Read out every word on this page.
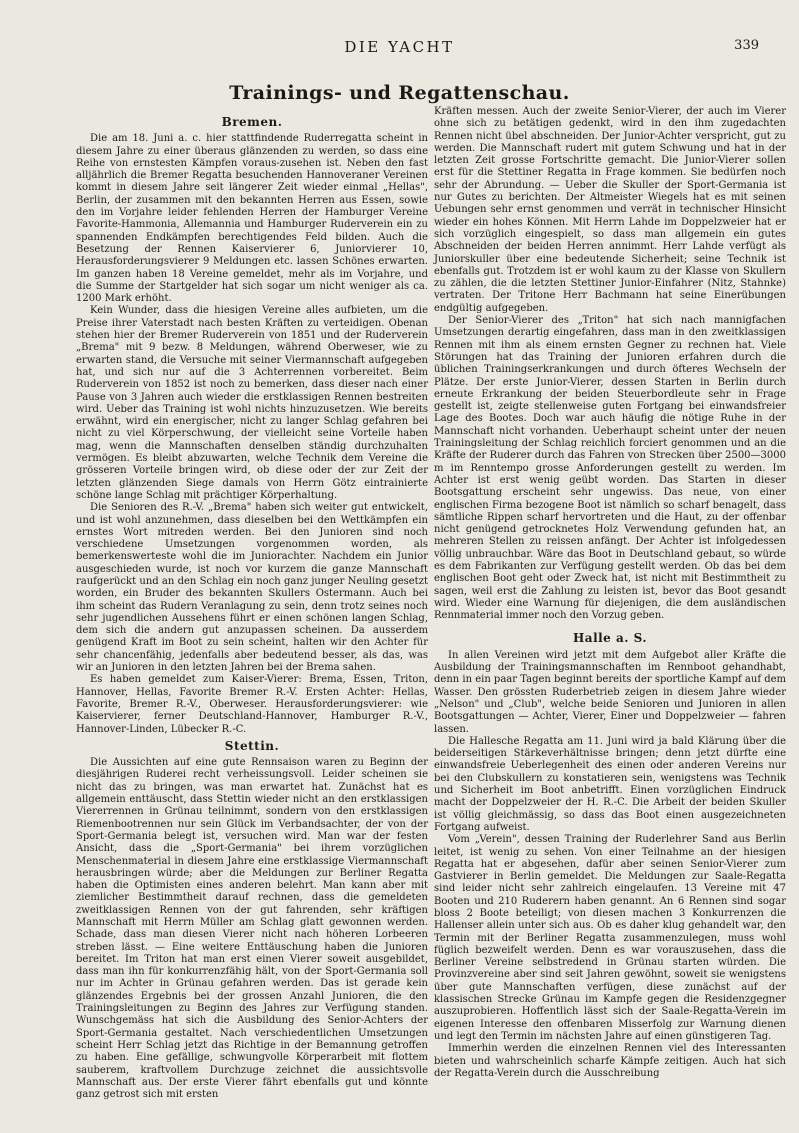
DIE YACHT	339
Trainings- und Regattenschau.
Bremen.

Die am 18. Juni a. c. hier stattfindende Ruderregatta scheint in diesem Jahre zu einer überaus glänzenden zu werden, so dass eine Reihe von ernstesten Kämpfen voraus-zusehen ist. Neben den fast alljährlich die Bremer Regatta besuchenden Hannoveraner Vereinen kommt in diesem Jahre seit längerer Zeit wieder einmal „Hellas", Berlin, der zusammen mit den bekannten Herren aus Essen, sowie den im Vorjahre leider fehlenden Herren der Hamburger Vereine Favorite-Hammonia, Allemannia und Hamburger Ruderverein ein zu spannenden Endkämpfen berechtigendes Feld bilden. Auch die Besetzung der Rennen Kaiservierer 6, Juniorvierer 10, Herausforderungsvierer 9 Meldungen etc. lassen Schönes erwarten. Im ganzen haben 18 Vereine gemeldet, mehr als im Vorjahre, und die Summe der Startgelder hat sich sogar um nicht weniger als ca. 1200 Mark erhöht.

Kein Wunder, dass die hiesigen Vereine alles aufbieten, um die Preise ihrer Vaterstadt nach besten Kräften zu verteidigen. Obenan stehen hier der Bremer Ruderverein von 1851 und der Ruderverein „Brema" mit 9 bezw. 8 Meldungen, während Oberweser, wie zu erwarten stand, die Versuche mit seiner Viermannschaft aufgegeben hat, und sich nur auf die 3 Achterrennen vorbereitet. Beim Ruderverein von 1852 ist noch zu bemerken, dass dieser nach einer Pause von 3 Jahren auch wieder die erstklassigen Rennen bestreiten wird. Ueber das Training ist wohl nichts hinzuzusetzen. Wie bereits erwähnt, wird ein energischer, nicht zu langer Schlag gefahren bei nicht zu viel Körperschwung, der vielleicht seine Vorteile haben mag, wenn die Mannschaften denselben ständig durchzuhalten vermögen. Es bleibt abzuwarten, welche Technik dem Vereine die grösseren Vorteile bringen wird, ob diese oder der zur Zeit der letzten glänzenden Siege damals von Herrn Götz eintrainierte schöne lange Schlag mit prächtiger Körperhaltung.

Die Senioren des R.-V. „Brema" haben sich weiter gut entwickelt, und ist wohl anzunehmen, dass dieselben bei den Wettkämpfen ein ernstes Wort mitreden werden. Bei den Junioren sind noch verschiedene Umsetzungen vorgenommen worden, als bemerkenswerteste wohl die im Juniorachter. Nachdem ein Junior ausgeschieden wurde, ist noch vor kurzem die ganze Mannschaft raufgerückt und an den Schlag ein noch ganz junger Neuling gesetzt worden, ein Bruder des bekannten Skullers Ostermann. Auch bei ihm scheint das Rudern Veranlagung zu sein, denn trotz seines noch sehr jugendlichen Aussehens führt er einen schönen langen Schlag, dem sich die andern gut anzupassen scheinen. Da ausserdem genügend Kraft im Boot zu sein scheint, halten wir den Achter für sehr chancenfähig, jedenfalls aber bedeutend besser, als das, was wir an Junioren in den letzten Jahren bei der Brema sahen.

Es haben gemeldet zum Kaiser-Vierer: Brema, Essen, Triton, Hannover, Hellas, Favorite Bremer R.-V. Ersten Achter: Hellas, Favorite, Bremer R.-V., Oberweser. Herausforderungsvierer: wie Kaiservierer, ferner Deutschland-Hannover, Hamburger R.-V., Hannover-Linden, Lübecker R.-C.

Stettin.

Die Aussichten auf eine gute Rennsaison waren zu Beginn der diesjährigen Ruderei recht verheissungsvoll. Leider scheinen sie nicht das zu bringen, was man erwartet hat. Zunächst hat es allgemein enttäuscht, dass Stettin wieder nicht an den erstklassigen Viererrennen in Grünau teilnimmt, sondern von den erstklassigen Riemenbootrennen nur sein Glück im Verbandsachter, der von der Sport-Germania belegt ist, versuchen wird. Man war der festen Ansicht, dass die „Sport-Germania" bei ihrem vorzüglichen Menschenmaterial in diesem Jahre eine erstklassige Viermannschaft herausbringen würde; aber die Meldungen zur Berliner Regatta haben die Optimisten eines anderen belehrt. Man kann aber mit ziemlicher Bestimmtheit darauf rechnen, dass die gemeldeten zweitklassigen Rennen von der gut fahrenden, sehr kräftigen Mannschaft mit Herrn Müller am Schlag glatt gewonnen werden. Schade, dass man diesen Vierer nicht nach höheren Lorbeeren streben lässt. — Eine weitere Enttäuschung haben die Junioren bereitet. Im Triton hat man erst einen Vierer soweit ausgebildet, dass man ihn für konkurrenzfähig hält, von der Sport-Germania soll nur im Achter in Grünau gefahren werden. Das ist gerade kein glänzendes Ergebnis bei der grossen Anzahl Junioren, die den Trainingsleitungen zu Beginn des Jahres zur Verfügung standen. Wunschgemäss hat sich die Ausbildung des Senior-Achters der Sport-Germania gestaltet. Nach verschiedentlichen Umsetzungen scheint Herr Schlag jetzt das Richtige in der Bemannung getroffen zu haben. Eine gefällige, schwungvolle Körperarbeit mit flottem sauberem, kraftvollem Durchzuge zeichnet die aussichtsvolle Mannschaft aus. Der erste Vierer fährt ebenfalls gut und könnte ganz getrost sich mit ersten

Kräften messen. Auch der zweite Senior-Vierer, der auch im Vierer ohne sich zu betätigen gedenkt, wird in den ihm zugedachten Rennen nicht übel abschneiden. Der Junior-Achter verspricht, gut zu werden. Die Mannschaft rudert mit gutem Schwung und hat in der letzten Zeit grosse Fortschritte gemacht. Die Junior-Vierer sollen erst für die Stettiner Regatta in Frage kommen. Sie bedürfen noch sehr der Abrundung. — Ueber die Skuller der Sport-Germania ist nur Gutes zu berichten. Der Altmeister Wiegels hat es mit seinen Uebungen sehr ernst genommen und verrät in technischer Hinsicht wieder ein hohes Können. Mit Herrn Lahde im Doppelzweier hat er sich vorzüglich eingespielt, so dass man allgemein ein gutes Abschneiden der beiden Herren annimmt. Herr Lahde verfügt als Juniorskuller über eine bedeutende Sicherheit; seine Technik ist ebenfalls gut. Trotzdem ist er wohl kaum zu der Klasse von Skullern zu zählen, die die letzten Stettiner Junior-Einfahrer (Nitz, Stahnke) vertraten. Der Tritone Herr Bachmann hat seine Einerübungen endgültig aufgegeben.

Der Senior-Vierer des „Triton" hat sich nach mannigfachen Umsetzungen derartig eingefahren, dass man in den zweitklassigen Rennen mit ihm als einem ernsten Gegner zu rechnen hat. Viele Störungen hat das Training der Junioren erfahren durch die üblichen Trainingserkrankungen und durch öfteres Wechseln der Plätze. Der erste Junior-Vierer, dessen Starten in Berlin durch erneute Erkrankung der beiden Steuerbordleute sehr in Frage gestellt ist, zeigte stellenweise guten Fortgang bei einwandsfreier Lage des Bootes. Doch war auch häufig die nötige Ruhe in der Mannschaft nicht vorhanden. Ueberhaupt scheint unter der neuen Trainingsleitung der Schlag reichlich forciert genommen und an die Kräfte der Ruderer durch das Fahren von Strecken über 2500—3000 m im Renntempo grosse Anforderungen gestellt zu werden. Im Achter ist erst wenig geübt worden. Das Starten in dieser Bootsgattung erscheint sehr ungewiss. Das neue, von einer englischen Firma bezogene Boot ist nämlich so scharf benagelt, dass sämtliche Rippen scharf hervortreten und die Haut, zu der offenbar nicht genügend getrocknetes Holz Verwendung gefunden hat, an mehreren Stellen zu reissen anfängt. Der Achter ist infolgedessen völlig unbrauchbar. Wäre das Boot in Deutschland gebaut, so würde es dem Fabrikanten zur Verfügung gestellt werden. Ob das bei dem englischen Boot geht oder Zweck hat, ist nicht mit Bestimmtheit zu sagen, weil erst die Zahlung zu leisten ist, bevor das Boot gesandt wird. Wieder eine Warnung für diejenigen, die dem ausländischen Rennmaterial immer noch den Vorzug geben.

Halle a. S.

In allen Vereinen wird jetzt mit dem Aufgebot aller Kräfte die Ausbildung der Trainingsmannschaften im Rennboot gehandhabt, denn in ein paar Tagen beginnt bereits der sportliche Kampf auf dem Wasser. Den grössten Ruderbetrieb zeigen in diesem Jahre wieder „Nelson" und „Club", welche beide Senioren und Junioren in allen Bootsgattungen — Achter, Vierer, Einer und Doppelzweier — fahren lassen.

Die Hallesche Regatta am 11. Juni wird ja bald Klärung über die beiderseitigen Stärkeverhältnisse bringen; denn jetzt dürfte eine einwandsfreie Ueberlegenheit des einen oder anderen Vereins nur bei den Clubskullern zu konstatieren sein, wenigstens was Technik und Sicherheit im Boot anbetrifft. Einen vorzüglichen Eindruck macht der Doppelzweier der H. R.-C. Die Arbeit der beiden Skuller ist völlig gleichmässig, so dass das Boot einen ausgezeichneten Fortgang aufweist.

Vom „Verein", dessen Training der Ruderlehrer Sand aus Berlin leitet, ist wenig zu sehen. Von einer Teilnahme an der hiesigen Regatta hat er abgesehen, dafür aber seinen Senior-Vierer zum Gastvierer in Berlin gemeldet. Die Meldungen zur Saale-Regatta sind leider nicht sehr zahlreich eingelaufen. 13 Vereine mit 47 Booten und 210 Ruderern haben genannt. An 6 Rennen sind sogar bloss 2 Boote beteiligt; von diesen machen 3 Konkurrenzen die Hallenser allein unter sich aus. Ob es daher klug gehandelt war, den Termin mit der Berliner Regatta zusammenzulegen, muss wohl füglich bezweifelt werden. Denn es war vorauszusehen, dass die Berliner Vereine selbstredend in Grünau starten würden. Die Provinzvereine aber sind seit Jahren gewöhnt, soweit sie wenigstens über gute Mannschaften verfügen, diese zunächst auf der klassischen Strecke Grünau im Kampfe gegen die Residenzgegner auszuprobieren. Hoffentlich lässt sich der Saale-Regatta-Verein im eigenen Interesse den offenbaren Misserfolg zur Warnung dienen und legt den Termin im nächsten Jahre auf einen günstigeren Tag.

Immerhin werden die einzelnen Rennen viel des Interessanten bieten und wahrscheinlich scharfe Kämpfe zeitigen. Auch hat sich der Regatta-Verein durch die Ausschreibung
